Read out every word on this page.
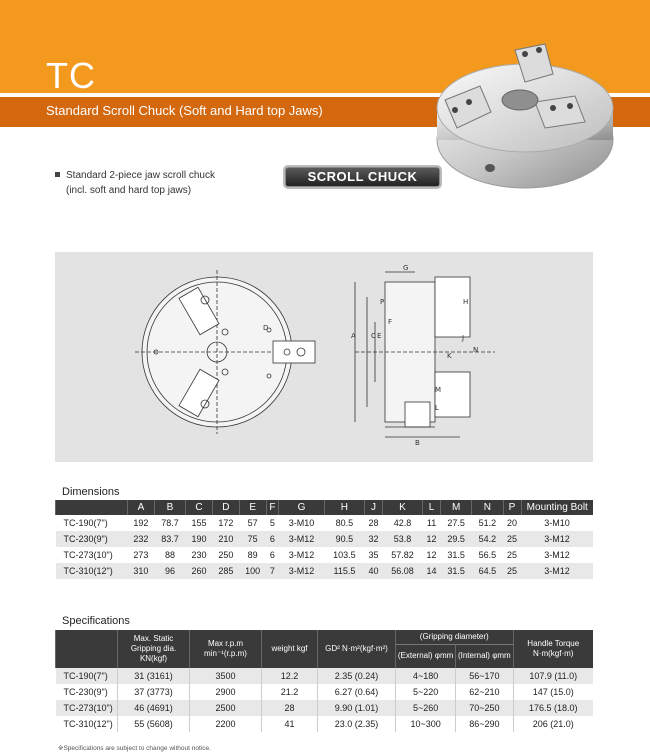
TC
Standard Scroll Chuck (Soft and Hard top Jaws)
Standard 2-piece jaw scroll chuck
(incl. soft and hard top jaws)
SCROLL CHUCK
G
H
P
F
J
C E
A
N
K
M
L
B
D
Dimensions
	A	B	C	D	E	F	G	H	J	K	L	M	N	P	Mounting Bolt
TC-190(7")	192	78.7	155	172	57	5	3-M10	80.5	28	42.8	11	27.5	51.2	20	3-M10
TC-230(9")	232	83.7	190	210	75	6	3-M12	90.5	32	53.8	12	29.5	54.2	25	3-M12
TC-273(10")	273	88	230	250	89	6	3-M12	103.5	35	57.82	12	31.5	56.5	25	3-M12
TC-310(12")	310	96	260	285	100	7	3-M12	115.5	40	56.08	14	31.5	64.5	25	3-M12
Specifications
	Max. Static Gripping dia. KN(kgf)	Max r.p.m min⁻¹(r.p.m)	weight kgf	GD² N·m²(kgf·m²)	(Gripping diameter)		Handle Torque N·m(kgf·m)
					(External) φmm	(Internal) φmm	
TC-190(7")	31 (3161)	3500	12.2	2.35 (0.24)	4~180	56~170	107.9 (11.0)
TC-230(9")	37 (3773)	2900	21.2	6.27 (0.64)	5~220	62~210	147 (15.0)
TC-273(10")	46 (4691)	2500	28	9.90 (1.01)	5~260	70~250	176.5 (18.0)
TC-310(12")	55 (5608)	2200	41	23.0 (2.35)	10~300	86~290	206 (21.0)
※Specifications are subject to change without notice.
